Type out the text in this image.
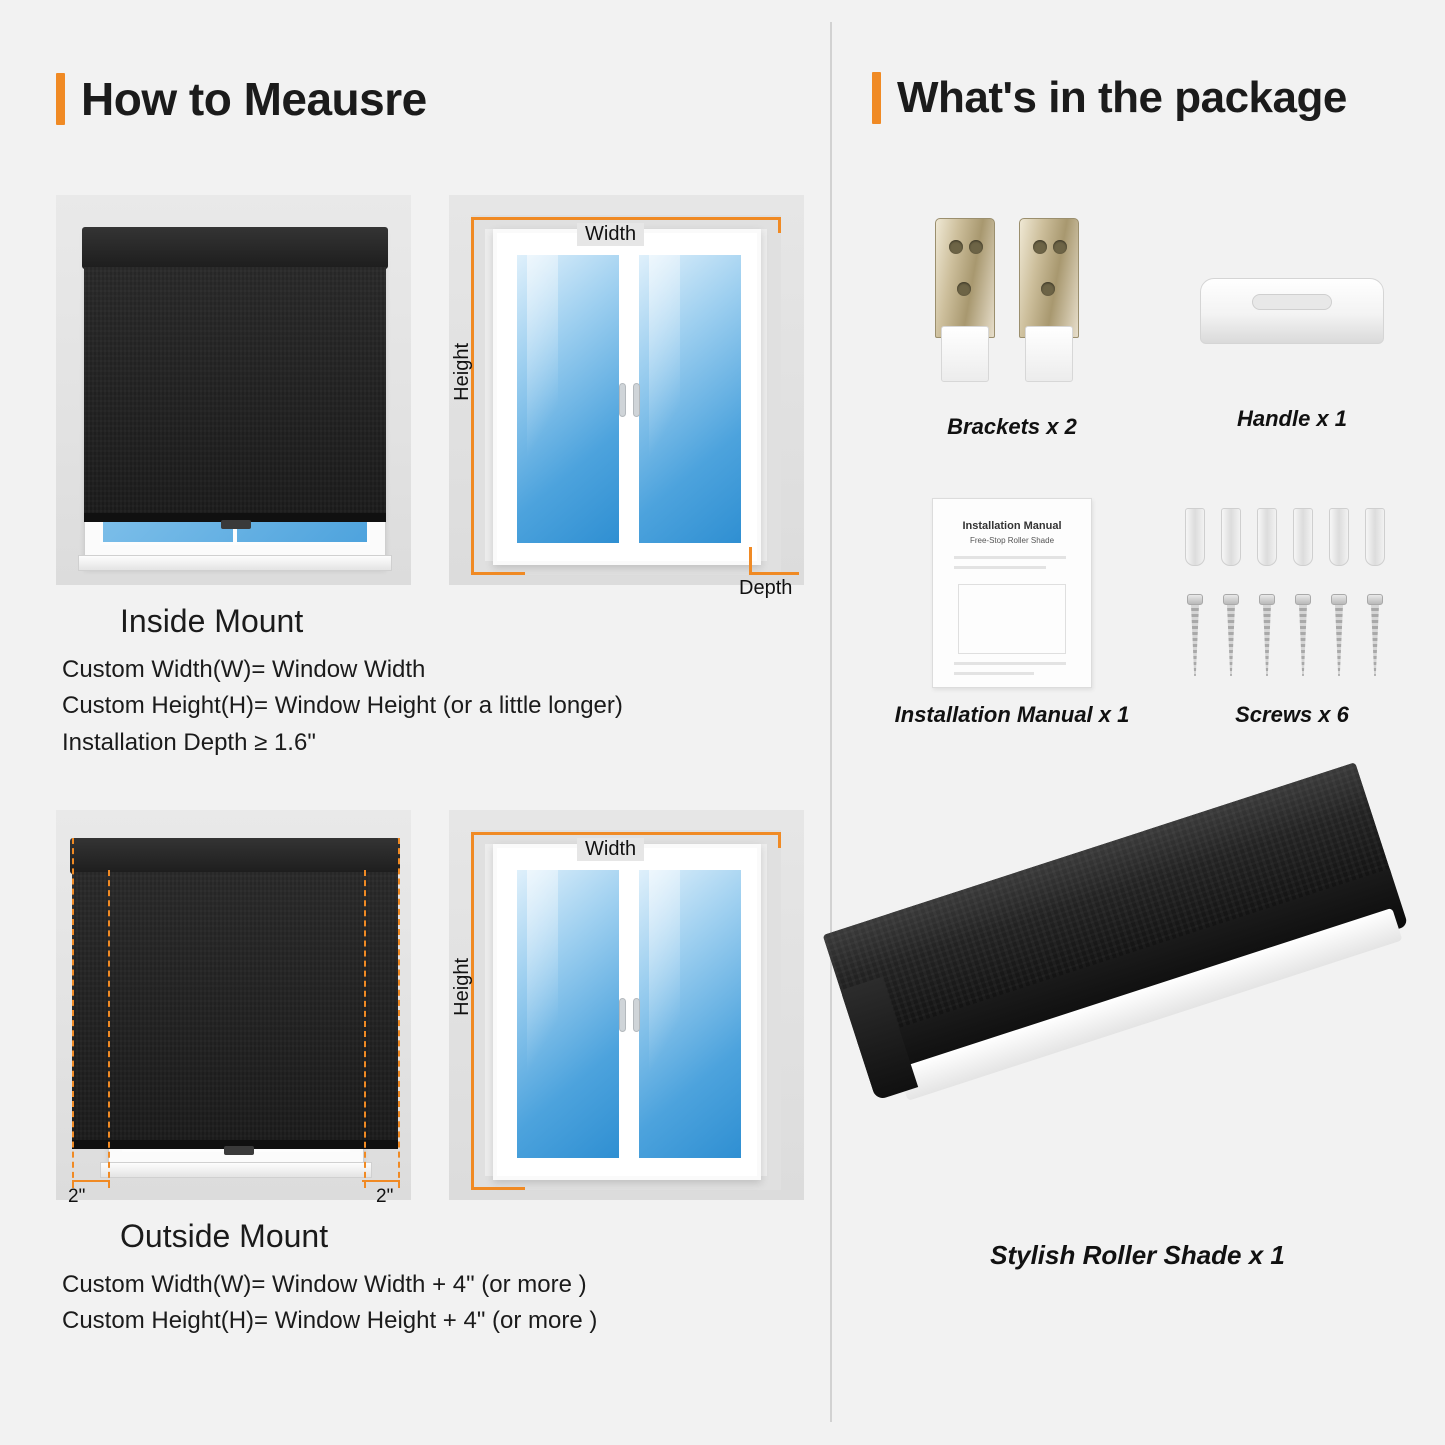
How to Meausre
Width
Height
Depth
Inside Mount
Custom Width(W)= Window Width
Custom Height(H)= Window Height (or a little longer)
Installation Depth ≥ 1.6"
2"	2"
Width
Height
Outside Mount
Custom Width(W)= Window Width + 4" (or more )
Custom Height(H)= Window Height + 4" (or more )
What's in the package
Brackets x 2	Handle x 1
Installation Manual
Free-Stop Roller Shade
Installation Manual x 1	Screws x 6
Stylish Roller Shade x 1
